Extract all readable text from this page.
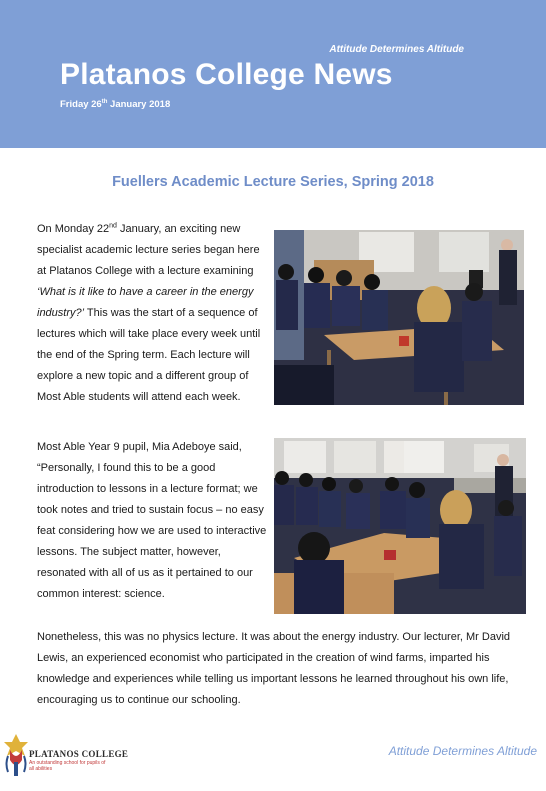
Attitude Determines Altitude
Platanos College News
Friday 26th January 2018
Fuellers Academic Lecture Series, Spring 2018
On Monday 22nd January, an exciting new specialist academic lecture series began here at Platanos College with a lecture examining ‘What is it like to have a career in the energy industry?’ This was the start of a sequence of lectures which will take place every week until the end of the Spring term. Each lecture will explore a new topic and a different group of Most Able students will attend each week.
Most Able Year 9 pupil, Mia Adeboye said, “Personally, I found this to be a good introduction to lessons in a lecture format; we took notes and tried to sustain focus – no easy feat considering how we are used to interactive lessons. The subject matter, however, resonated with all of us as it pertained to our common interest: science.
Nonetheless, this was no physics lecture. It was about the energy industry. Our lecturer, Mr David Lewis, an experienced economist who participated in the creation of wind farms, imparted his knowledge and experiences while telling us important lessons he learned throughout his own life, encouraging us to continue our schooling.
PLATANOS COLLEGE
An outstanding school for pupils of all abilities
Attitude Determines Altitude
